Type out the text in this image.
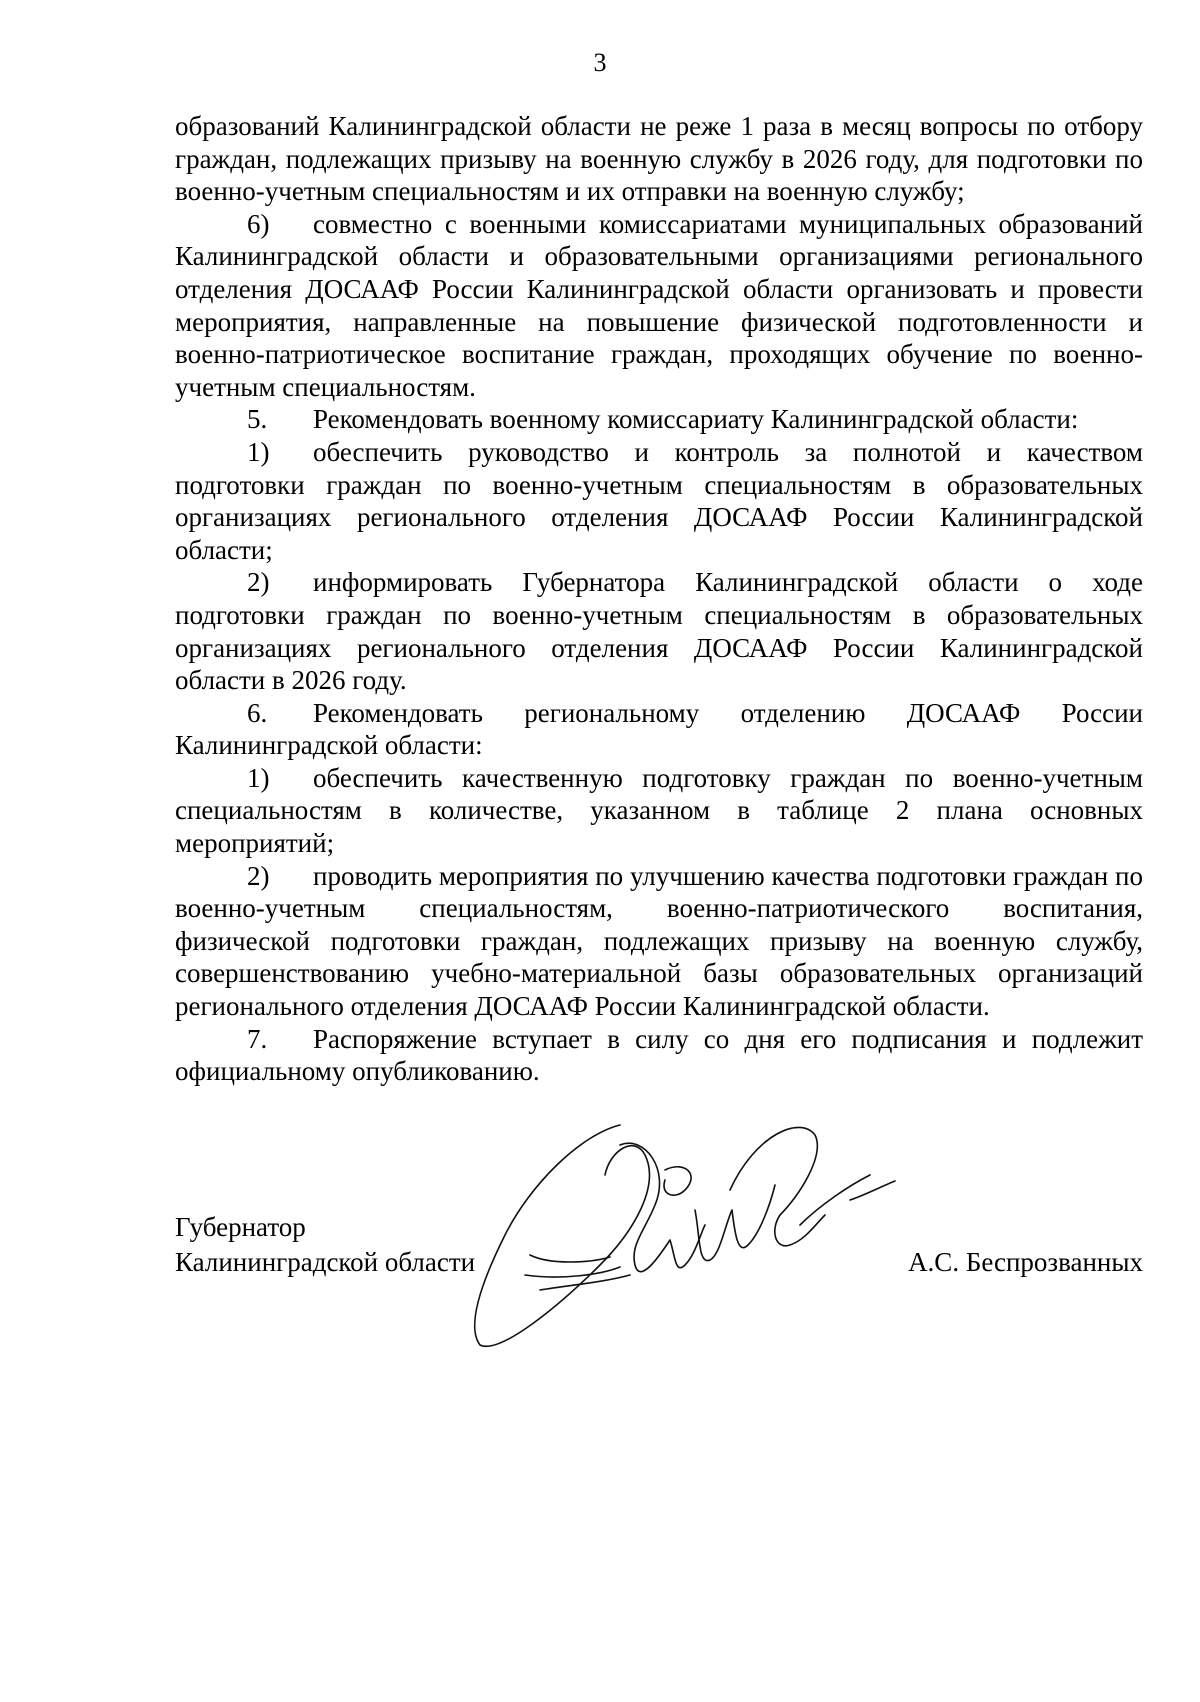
3

образований Калининградской области не реже 1 раза в месяц вопросы по отбору граждан, подлежащих призыву на военную службу в 2026 году, для подготовки по военно-учетным специальностям и их отправки на военную службу;

6) совместно с военными комиссариатами муниципальных образований Калининградской области и образовательными организациями регионального отделения ДОСААФ России Калининградской области организовать и провести мероприятия, направленные на повышение физической подготовленности и военно-патриотическое воспитание граждан, проходящих обучение по военно-учетным специальностям.

5. Рекомендовать военному комиссариату Калининградской области:

1) обеспечить руководство и контроль за полнотой и качеством подготовки граждан по военно-учетным специальностям в образовательных организациях регионального отделения ДОСААФ России Калининградской области;

2) информировать Губернатора Калининградской области о ходе подготовки граждан по военно-учетным специальностям в образовательных организациях регионального отделения ДОСААФ России Калининградской области в 2026 году.

6. Рекомендовать региональному отделению ДОСААФ России Калининградской области:

1) обеспечить качественную подготовку граждан по военно-учетным специальностям в количестве, указанном в таблице 2 плана основных мероприятий;

2) проводить мероприятия по улучшению качества подготовки граждан по военно-учетным специальностям, военно-патриотического воспитания, физической подготовки граждан, подлежащих призыву на военную службу, совершенствованию учебно-материальной базы образовательных организаций регионального отделения ДОСААФ России Калининградской области.

7. Распоряжение вступает в силу со дня его подписания и подлежит официальному опубликованию.

Губернатор
Калининградской области	А.С. Беспрозванных
